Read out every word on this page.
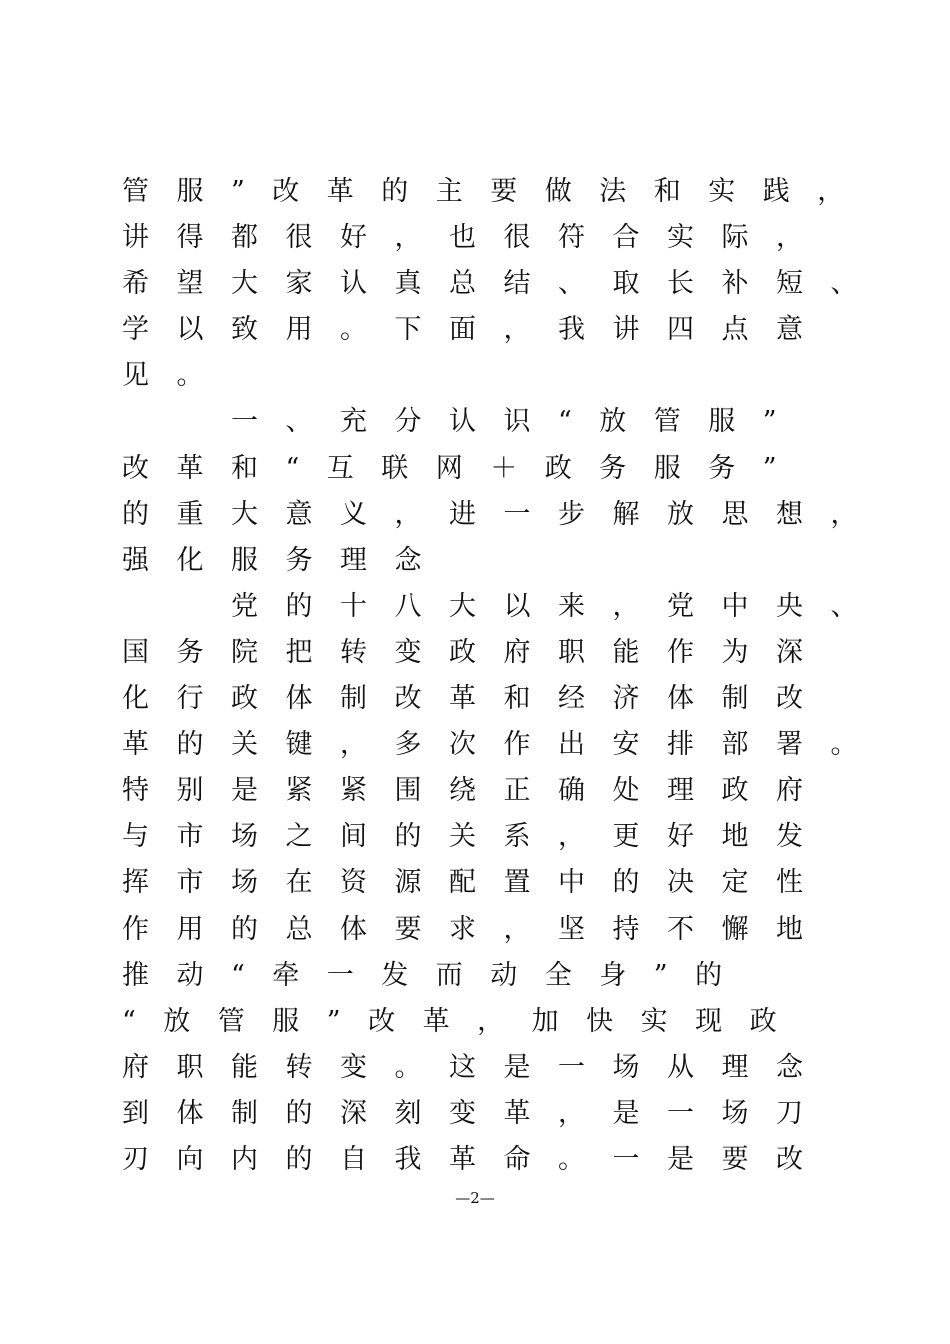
管服”改革的主要做法和实践，
讲得都很好，也很符合实际，
希望大家认真总结、取长补短、
学以致用。下面，我讲四点意
见。
　　一、充分认识“放管服”
改革和“互联网＋政务服务”
的重大意义，进一步解放思想，
强化服务理念
　　党的十八大以来，党中央、
国务院把转变政府职能作为深
化行政体制改革和经济体制改
革的关键，多次作出安排部署。
特别是紧紧围绕正确处理政府
与市场之间的关系，更好地发
挥市场在资源配置中的决定性
作用的总体要求，坚持不懈地
推动“牵一发而动全身”的
“放管服”改革，加快实现政
府职能转变。这是一场从理念
到体制的深刻变革，是一场刀
刃向内的自我革命。一是要改
—2—
